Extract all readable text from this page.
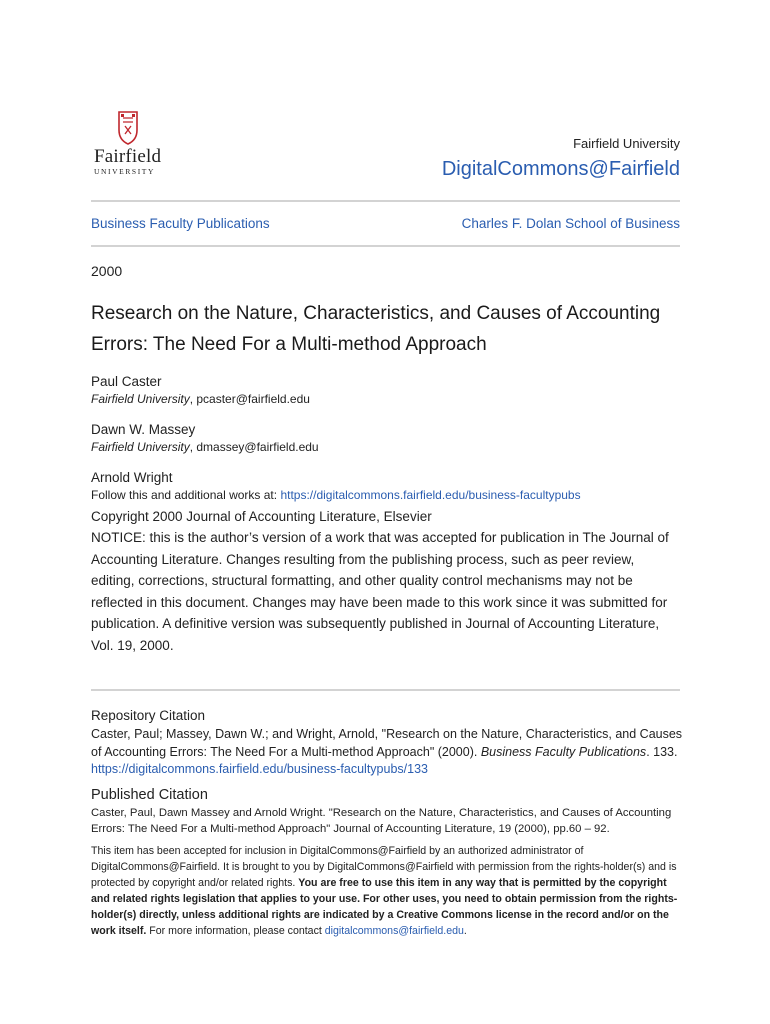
Fairfield
UNIVERSITY
Fairfield University
DigitalCommons@Fairfield
Business Faculty Publications	Charles F. Dolan School of Business
2000
Research on the Nature, Characteristics, and Causes of Accounting Errors: The Need For a Multi-method Approach
Paul Caster
Fairfield University, pcaster@fairfield.edu
Dawn W. Massey
Fairfield University, dmassey@fairfield.edu
Arnold Wright
Follow this and additional works at: https://digitalcommons.fairfield.edu/business-facultypubs
Copyright 2000 Journal of Accounting Literature, Elsevier
NOTICE: this is the author’s version of a work that was accepted for publication in The Journal of Accounting Literature. Changes resulting from the publishing process, such as peer review, editing, corrections, structural formatting, and other quality control mechanisms may not be reflected in this document. Changes may have been made to this work since it was submitted for publication. A definitive version was subsequently published in Journal of Accounting Literature, Vol. 19, 2000.
Repository Citation
Caster, Paul; Massey, Dawn W.; and Wright, Arnold, "Research on the Nature, Characteristics, and Causes of Accounting Errors: The Need For a Multi-method Approach" (2000). Business Faculty Publications. 133.
https://digitalcommons.fairfield.edu/business-facultypubs/133
Published Citation
Caster, Paul, Dawn Massey and Arnold Wright. "Research on the Nature, Characteristics, and Causes of Accounting Errors: The Need For a Multi-method Approach" Journal of Accounting Literature, 19 (2000), pp.60 – 92.
This item has been accepted for inclusion in DigitalCommons@Fairfield by an authorized administrator of DigitalCommons@Fairfield. It is brought to you by DigitalCommons@Fairfield with permission from the rights-holder(s) and is protected by copyright and/or related rights. You are free to use this item in any way that is permitted by the copyright and related rights legislation that applies to your use. For other uses, you need to obtain permission from the rights-holder(s) directly, unless additional rights are indicated by a Creative Commons license in the record and/or on the work itself. For more information, please contact digitalcommons@fairfield.edu.
